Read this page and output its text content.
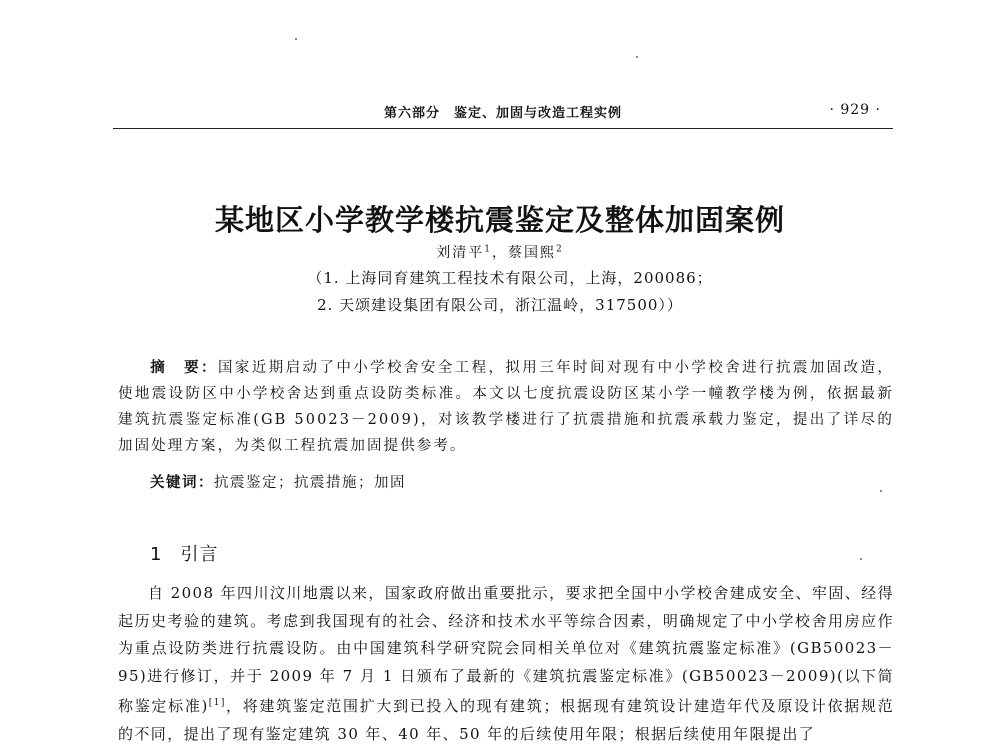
第六部分　鉴定、加固与改造工程实例	· 929 ·
某地区小学教学楼抗震鉴定及整体加固案例
刘清平$^1$，蔡国熙$^2$
（1. 上海同育建筑工程技术有限公司，上海，200086；
2. 天颂建设集团有限公司，浙江温岭，317500））

摘　要：国家近期启动了中小学校舍安全工程，拟用三年时间对现有中小学校舍进行抗震加固改造，使地震设防区中小学校舍达到重点设防类标准。本文以七度抗震设防区某小学一幢教学楼为例，依据最新建筑抗震鉴定标准(GB 50023－2009)，对该教学楼进行了抗震措施和抗震承载力鉴定，提出了详尽的加固处理方案，为类似工程抗震加固提供参考。

关键词：抗震鉴定；抗震措施；加固
1 引言

自 2008 年四川汶川地震以来，国家政府做出重要批示，要求把全国中小学校舍建成安全、牢固、经得起历史考验的建筑。考虑到我国现有的社会、经济和技术水平等综合因素，明确规定了中小学校舍用房应作为重点设防类进行抗震设防。由中国建筑科学研究院会同相关单位对《建筑抗震鉴定标准》(GB50023－95)进行修订，并于 2009 年 7 月 1 日颁布了最新的《建筑抗震鉴定标准》(GB50023－2009)(以下简称鉴定标准)[1]，将建筑鉴定范围扩大到已投入的现有建筑；根据现有建筑设计建造年代及原设计依据规范的不同，提出了现有鉴定建筑 30 年、40 年、50 年的后续使用年限；根据后续使用年限提出了
